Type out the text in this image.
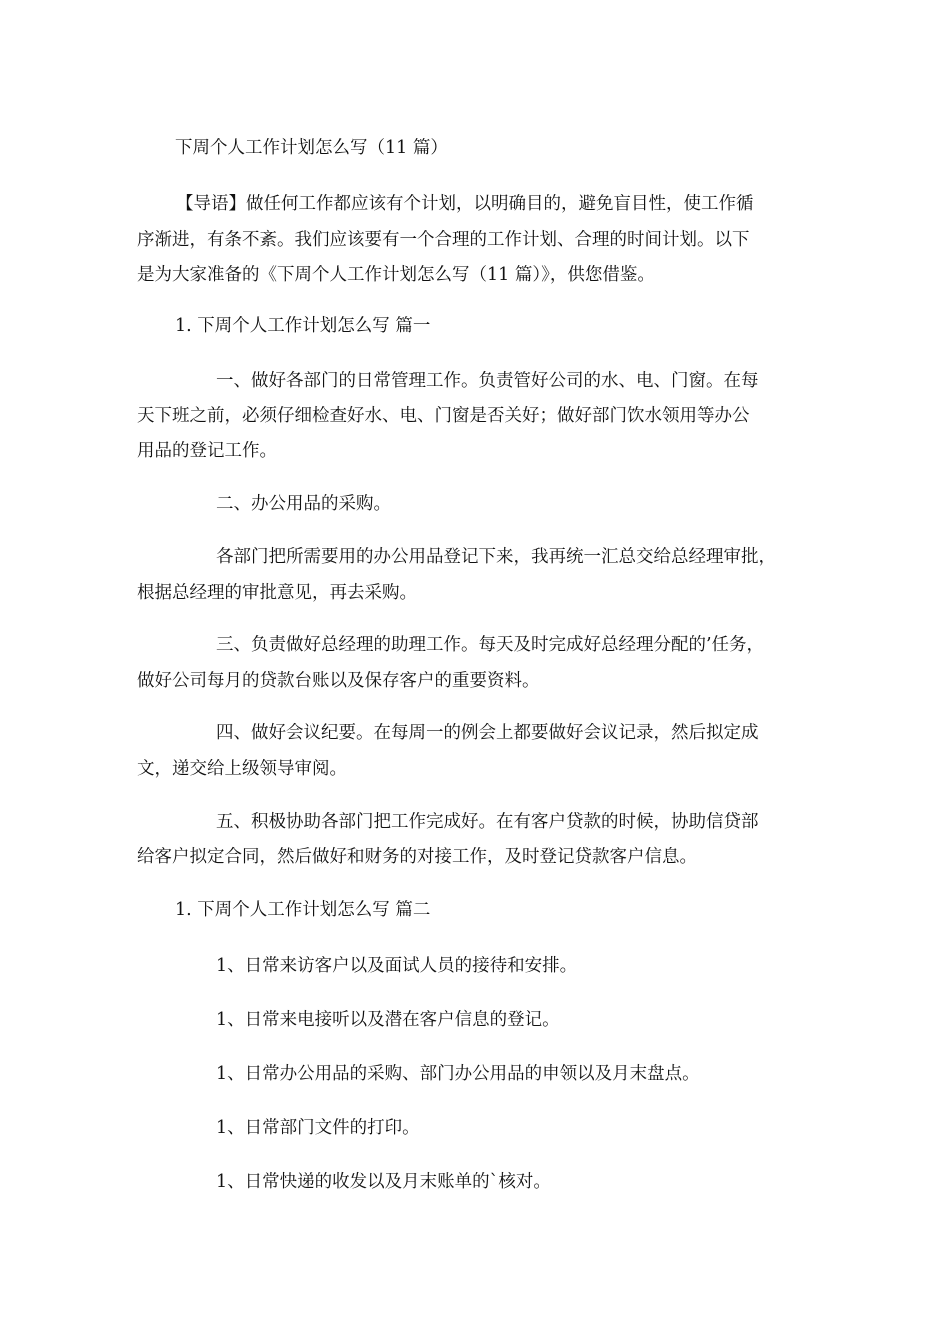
下周个人工作计划怎么写（11 篇）
【导语】做任何工作都应该有个计划，以明确目的，避免盲目性，使工作循
序渐进，有条不紊。我们应该要有一个合理的工作计划、合理的时间计划。以下
是为大家准备的《下周个人工作计划怎么写（11 篇）》，供您借鉴。
1. 下周个人工作计划怎么写 篇一
一、做好各部门的日常管理工作。负责管好公司的水、电、门窗。在每
天下班之前，必须仔细检查好水、电、门窗是否关好；做好部门饮水领用等办公
用品的登记工作。
二、办公用品的采购。
各部门把所需要用的办公用品登记下来，我再统一汇总交给总经理审批，
根据总经理的审批意见，再去采购。
三、负责做好总经理的助理工作。每天及时完成好总经理分配的’任务，
做好公司每月的贷款台账以及保存客户的重要资料。
四、做好会议纪要。在每周一的例会上都要做好会议记录，然后拟定成
文，递交给上级领导审阅。
五、积极协助各部门把工作完成好。在有客户贷款的时候，协助信贷部
给客户拟定合同，然后做好和财务的对接工作，及时登记贷款客户信息。
1. 下周个人工作计划怎么写 篇二
1、日常来访客户以及面试人员的接待和安排。
1、日常来电接听以及潜在客户信息的登记。
1、日常办公用品的采购、部门办公用品的申领以及月末盘点。
1、日常部门文件的打印。
1、日常快递的收发以及月末账单的`核对。
